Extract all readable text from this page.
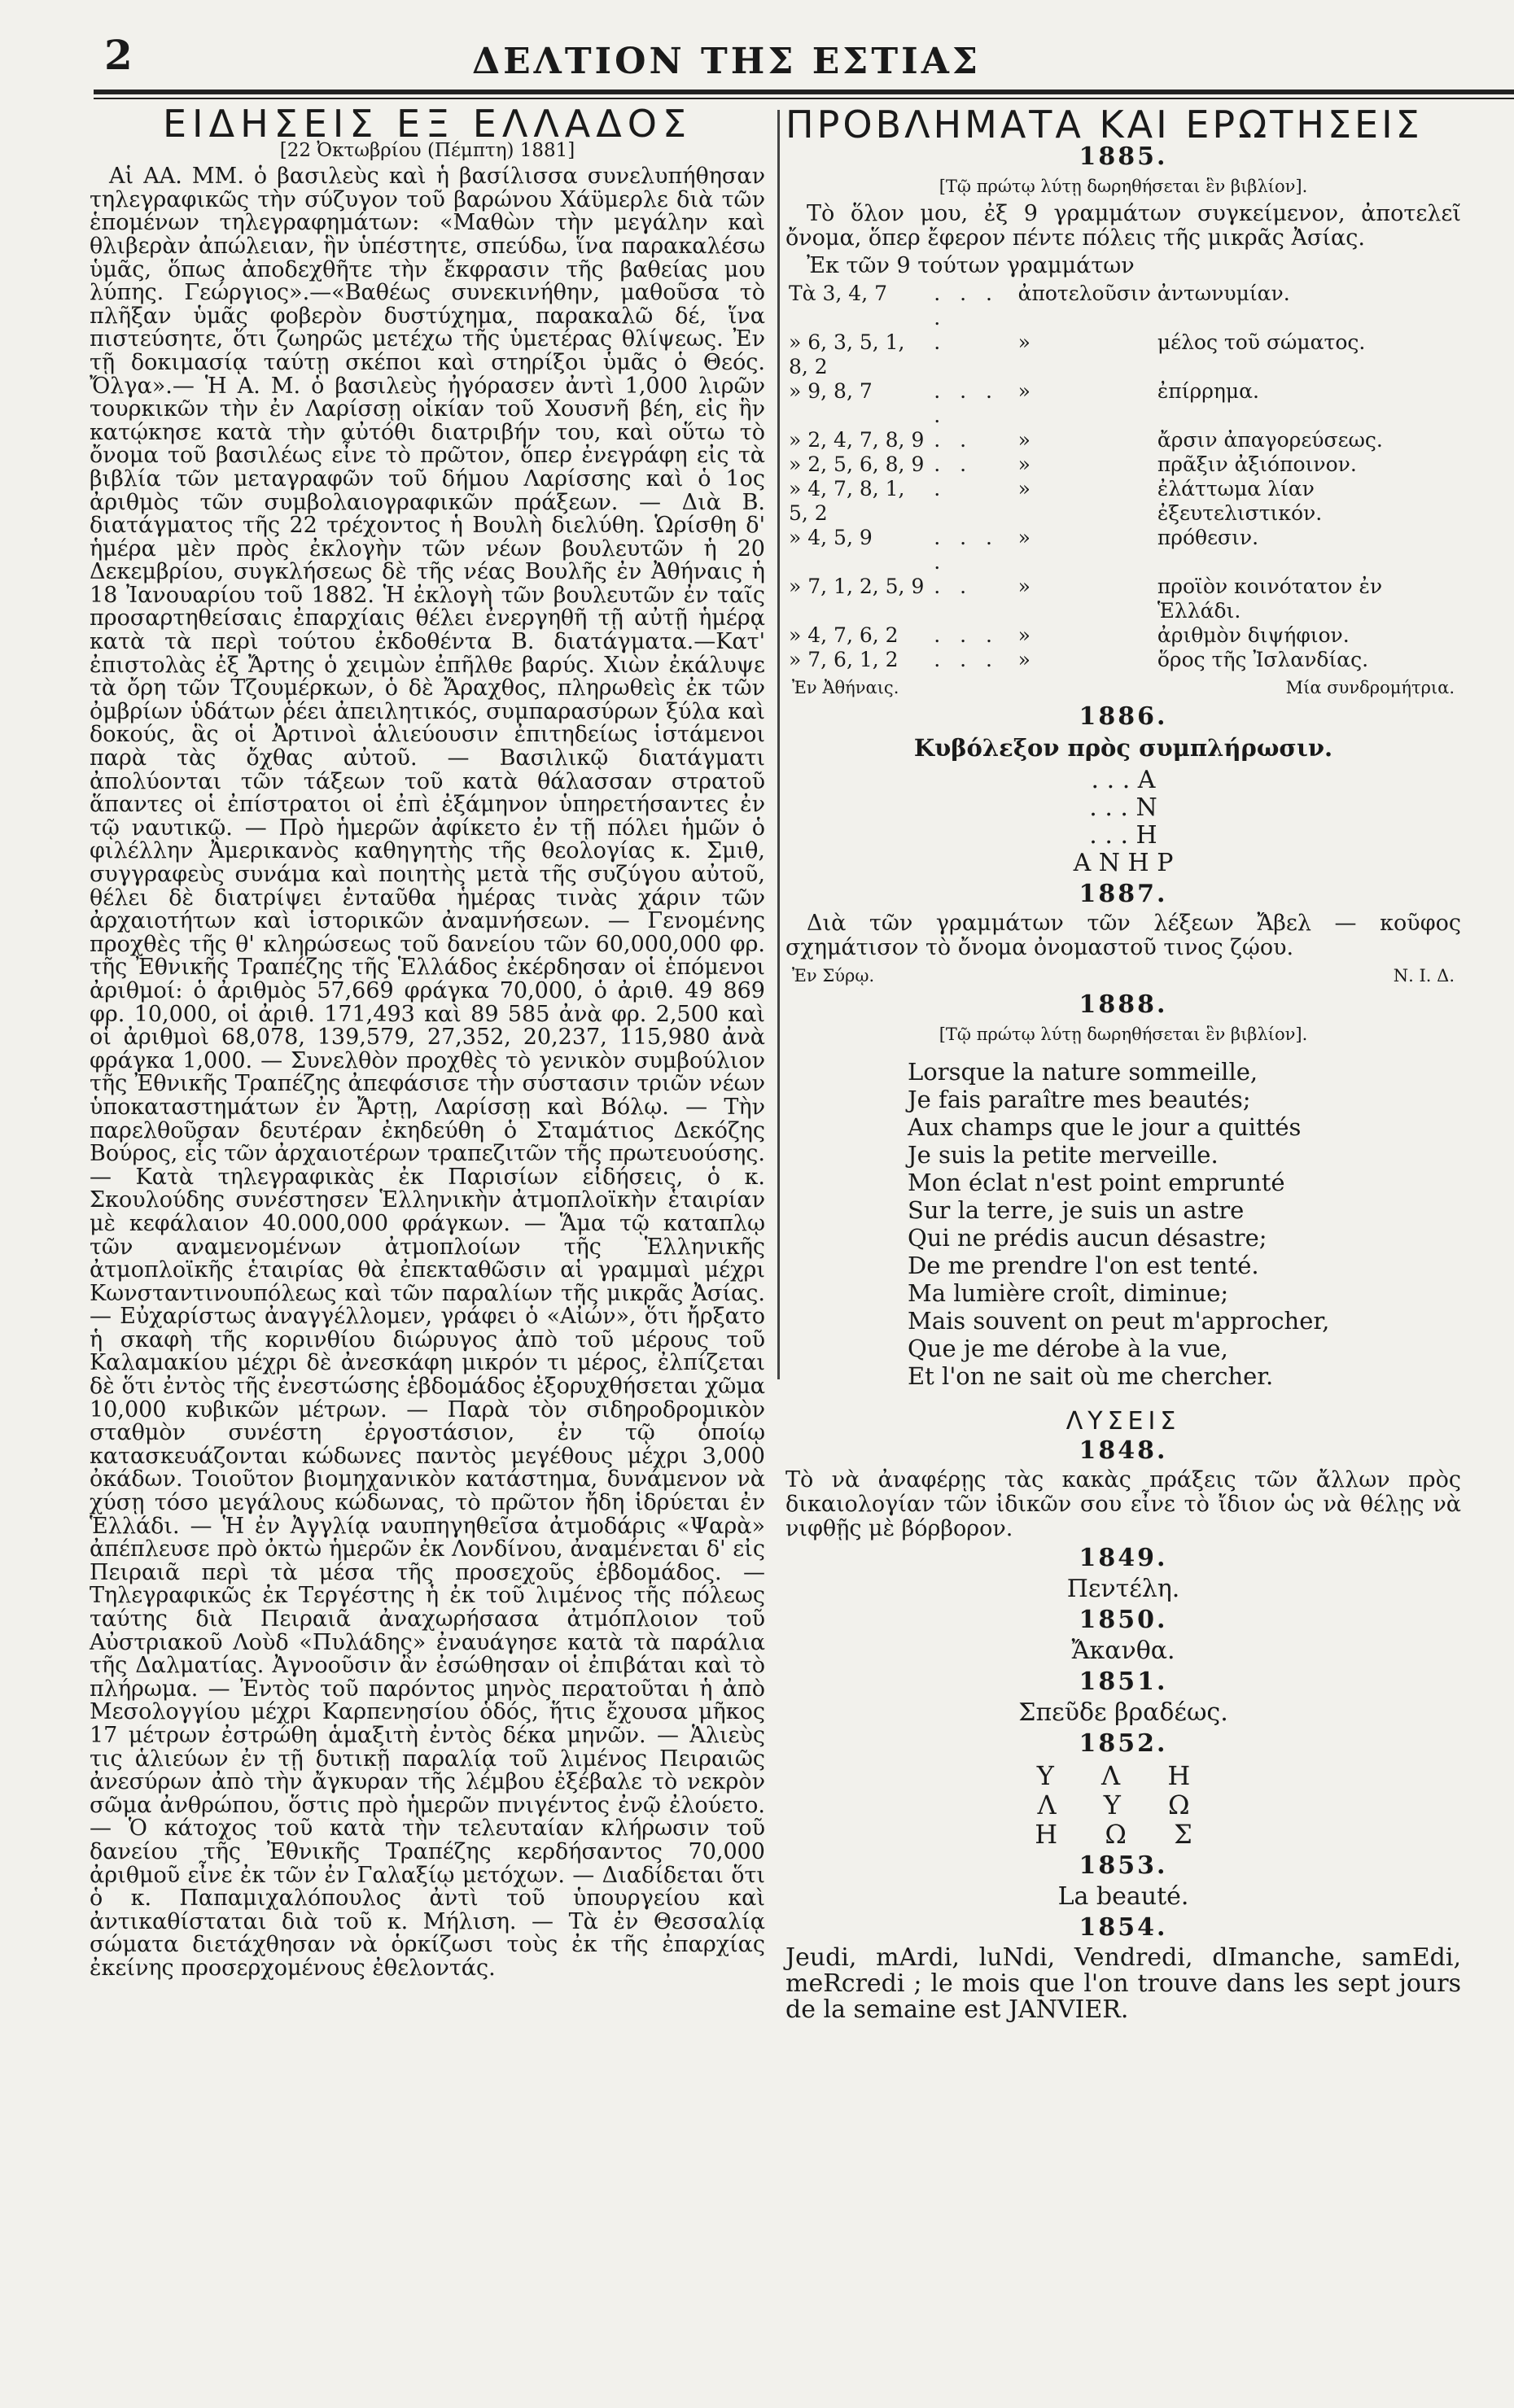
2	ΔΕΛΤΙΟΝ ΤΗΣ ΕΣΤΙΑΣ
ΕΙΔΗΣΕΙΣ ΕΞ ΕΛΛΑΔΟΣ
[22 Ὀκτωβρίου (Πέμπτη) 1881]

Αἱ ΑΑ. ΜΜ. ὁ βασιλεὺς καὶ ἡ βασίλισσα συνελυπήθησαν τηλεγραφικῶς τὴν σύζυγον τοῦ βαρώνου Χάϋμερλε διὰ τῶν ἑπομένων τηλεγραφημάτων: «Μαθὼν τὴν μεγάλην καὶ θλιβερὰν ἀπώλειαν, ἣν ὑπέστητε, σπεύδω, ἵνα παρακαλέσω ὑμᾶς, ὅπως ἀποδεχθῆτε τὴν ἔκφρασιν τῆς βαθείας μου λύπης. Γεώργιος».—«Βαθέως συνεκινήθην, μαθοῦσα τὸ πλῆξαν ὑμᾶς φοβερὸν δυστύχημα, παρακαλῶ δέ, ἵνα πιστεύσητε, ὅτι ζωηρῶς μετέχω τῆς ὑμετέρας θλίψεως. Ἐν τῇ δοκιμασίᾳ ταύτῃ σκέποι καὶ στηρίξοι ὑμᾶς ὁ Θεός. Ὄλγα».— Ἡ Α. Μ. ὁ βασιλεὺς ἠγόρασεν ἀντὶ 1,000 λιρῶν τουρκικῶν τὴν ἐν Λαρίσσῃ οἰκίαν τοῦ Χουσνῆ βέη, εἰς ἣν κατῴκησε κατὰ τὴν αὐτόθι διατριβήν του, καὶ οὕτω τὸ ὄνομα τοῦ βασιλέως εἶνε τὸ πρῶτον, ὅπερ ἐνεγράφη εἰς τὰ βιβλία τῶν μεταγραφῶν τοῦ δήμου Λαρίσσης καὶ ὁ 1ος ἀριθμὸς τῶν συμβολαιογραφικῶν πράξεων. — Διὰ Β. διατάγματος τῆς 22 τρέχοντος ἡ Βουλὴ διελύθη. Ὡρίσθη δ' ἡμέρα μὲν πρὸς ἐκλογὴν τῶν νέων βουλευτῶν ἡ 20 Δεκεμβρίου, συγκλήσεως δὲ τῆς νέας Βουλῆς ἐν Ἀθήναις ἡ 18 Ἰανουαρίου τοῦ 1882. Ἡ ἐκλογὴ τῶν βουλευτῶν ἐν ταῖς προσαρτηθείσαις ἐπαρχίαις θέλει ἐνεργηθῆ τῇ αὐτῇ ἡμέρᾳ κατὰ τὰ περὶ τούτου ἐκδοθέντα Β. διατάγματα.—Κατ' ἐπιστολὰς ἐξ Ἄρτης ὁ χειμὼν ἐπῆλθε βαρύς. Χιὼν ἐκάλυψε τὰ ὄρη τῶν Τζουμέρκων, ὁ δὲ Ἄραχθος, πληρωθεὶς ἐκ τῶν ὀμβρίων ὑδάτων ῥέει ἀπειλητικός, συμπαρασύρων ξύλα καὶ δοκούς, ἃς οἱ Ἀρτινοὶ ἁλιεύουσιν ἐπιτηδείως ἱστάμενοι παρὰ τὰς ὄχθας αὐτοῦ. — Βασιλικῷ διατάγματι ἀπολύονται τῶν τάξεων τοῦ κατὰ θάλασσαν στρατοῦ ἅπαντες οἱ ἐπίστρατοι οἱ ἐπὶ ἐξάμηνον ὑπηρετήσαντες ἐν τῷ ναυτικῷ. — Πρὸ ἡμερῶν ἀφίκετο ἐν τῇ πόλει ἡμῶν ὁ φιλέλλην Ἀμερικανὸς καθηγητὴς τῆς θεολογίας κ. Σμιθ, συγγραφεὺς συνάμα καὶ ποιητὴς μετὰ τῆς συζύγου αὐτοῦ, θέλει δὲ διατρίψει ἐνταῦθα ἡμέρας τινὰς χάριν τῶν ἀρχαιοτήτων καὶ ἱστορικῶν ἀναμνήσεων. — Γενομένης προχθὲς τῆς θ' κληρώσεως τοῦ δανείου τῶν 60,000,000 φρ. τῆς Ἐθνικῆς Τραπέζης τῆς Ἑλλάδος ἐκέρδησαν οἱ ἑπόμενοι ἀριθμοί: ὁ ἀριθμὸς 57,669 φράγκα 70,000, ὁ ἀριθ. 49 869 φρ. 10,000, οἱ ἀριθ. 171,493 καὶ 89 585 ἀνὰ φρ. 2,500 καὶ οἱ ἀριθμοὶ 68,078, 139,579, 27,352, 20,237, 115,980 ἀνὰ φράγκα 1,000. — Συνελθὸν προχθὲς τὸ γενικὸν συμβούλιον τῆς Ἐθνικῆς Τραπέζης ἀπεφάσισε τὴν σύστασιν τριῶν νέων ὑποκαταστημάτων ἐν Ἄρτῃ, Λαρίσσῃ καὶ Βόλῳ. — Τὴν παρελθοῦσαν δευτέραν ἐκηδεύθη ὁ Σταμάτιος Δεκόζης Βούρος, εἷς τῶν ἀρχαιοτέρων τραπεζιτῶν τῆς πρωτευούσης. — Κατὰ τηλεγραφικὰς ἐκ Παρισίων εἰδήσεις, ὁ κ. Σκουλούδης συνέστησεν Ἑλληνικὴν ἀτμοπλοϊκὴν ἑταιρίαν μὲ κεφάλαιον 40.000,000 φράγκων. — Ἅμα τῷ καταπλῳ τῶν αναμενομένων ἀτμοπλοίων τῆς Ἑλληνικῆς ἀτμοπλοϊκῆς ἑταιρίας θὰ ἐπεκταθῶσιν αἱ γραμμαὶ μέχρι Κωνσταντινουπόλεως καὶ τῶν παραλίων τῆς μικρᾶς Ἀσίας. — Εὐχαρίστως ἀναγγέλλομεν, γράφει ὁ «Αἰών», ὅτι ἤρξατο ἡ σκαφὴ τῆς κορινθίου διώρυγος ἀπὸ τοῦ μέρους τοῦ Καλαμακίου μέχρι δὲ ἀνεσκάφη μικρόν τι μέρος, ἐλπίζεται δὲ ὅτι ἐντὸς τῆς ἐνεστώσης ἑβδομάδος ἐξορυχθήσεται χῶμα 10,000 κυβικῶν μέτρων. — Παρὰ τὸν σιδηροδρομικὸν σταθμὸν συνέστη ἐργοστάσιον, ἐν τῷ ὁποίῳ κατασκευάζονται κώδωνες παντὸς μεγέθους μέχρι 3,000 ὀκάδων. Τοιοῦτον βιομηχανικὸν κατάστημα, δυνάμενον νὰ χύσῃ τόσο μεγάλους κώδωνας, τὸ πρῶτον ἤδη ἱδρύεται ἐν Ἑλλάδι. — Ἡ ἐν Ἀγγλίᾳ ναυπηγηθεῖσα ἀτμοδάρις «Ψαρὰ» ἀπέπλευσε πρὸ ὀκτὼ ἡμερῶν ἐκ Λονδίνου, ἀναμένεται δ' εἰς Πειραιᾶ περὶ τὰ μέσα τῆς προσεχοῦς ἑβδομάδος. — Τηλεγραφικῶς ἐκ Τεργέστης ἡ ἐκ τοῦ λιμένος τῆς πόλεως ταύτης διὰ Πειραιᾶ ἀναχωρήσασα ἀτμόπλοιον τοῦ Αὐστριακοῦ Λοὺδ «Πυλάδης» ἐναυάγησε κατὰ τὰ παράλια τῆς Δαλματίας. Ἀγνοοῦσιν ἂν ἐσώθησαν οἱ ἐπιβάται καὶ τὸ πλήρωμα. — Ἐντὸς τοῦ παρόντος μηνὸς περατοῦται ἡ ἀπὸ Μεσολογγίου μέχρι Καρπενησίου ὁδός, ἥτις ἔχουσα μῆκος 17 μέτρων ἐστρώθη ἁμαξιτὴ ἐντὸς δέκα μηνῶν. — Ἁλιεὺς τις ἁλιεύων ἐν τῇ δυτικῇ παραλίᾳ τοῦ λιμένος Πειραιῶς ἀνεσύρων ἀπὸ τὴν ἄγκυραν τῆς λέμβου ἐξέβαλε τὸ νεκρὸν σῶμα ἀνθρώπου, ὅστις πρὸ ἡμερῶν πνιγέντος ἐνῷ ἐλούετο. — Ὁ κάτοχος τοῦ κατὰ τὴν τελευταίαν κλήρωσιν τοῦ δανείου τῆς Ἐθνικῆς Τραπέζης κερδήσαντος 70,000 ἀριθμοῦ εἶνε ἐκ τῶν ἐν Γαλαξίῳ μετόχων. — Διαδίδεται ὅτι ὁ κ. Παπαμιχαλόπουλος ἀντὶ τοῦ ὑπουργείου καὶ ἀντικαθίσταται διὰ τοῦ κ. Μήλιση. — Τὰ ἐν Θεσσαλίᾳ σώματα διετάχθησαν νὰ ὁρκίζωσι τοὺς ἐκ τῆς ἐπαρχίας ἐκείνης προσερχομένους ἐθελοντάς.

ΠΡΟΒΛΗΜΑΤΑ ΚΑΙ ΕΡΩΤΗΣΕΙΣ
1885.
[Τῷ πρώτῳ λύτῃ δωρηθήσεται ἓν βιβλίον].
Τὸ ὅλον μου, ἐξ 9 γραμμάτων συγκείμενον, ἀποτελεῖ ὄνομα, ὅπερ ἔφερον πέντε πόλεις τῆς μικρᾶς Ἀσίας.
Ἐκ τῶν 9 τούτων γραμμάτων
Τὰ 3, 4, 7	. . . .	ἀποτελοῦσιν	ἀντωνυμίαν.
» 6, 3, 5, 1, 8, 2	.	»	μέλος τοῦ σώματος.
» 9, 8, 7	. . . .	»	ἐπίρρημα.
» 2, 4, 7, 8, 9	. .	»	ἄρσιν ἀπαγορεύσεως.
» 2, 5, 6, 8, 9	. .	»	πρᾶξιν ἀξιόποινον.
» 4, 7, 8, 1, 5, 2	.	»	ἐλάττωμα λίαν ἐξευτελιστικόν.
» 4, 5, 9	. . . .	»	πρόθεσιν.
» 7, 1, 2, 5, 9	. .	»	προϊὸν κοινότατον ἐν Ἑλλάδι.
» 4, 7, 6, 2	. . .	»	ἀριθμὸν διψήφιον.
» 7, 6, 1, 2	. . .	»	ὅρος τῆς Ἰσλανδίας.
Ἐν Ἀθήναις.	Μία συνδρομήτρια.
1886.
Κυβόλεξον πρὸς συμπλήρωσιν.
. . . Α
. . . Ν
. . . Η
Α Ν Η Ρ
1887.
Διὰ τῶν γραμμάτων τῶν λέξεων Ἄβελ — κοῦφος σχημάτισον τὸ ὄνομα ὀνομαστοῦ τινος ζῴου.
Ἐν Σύρῳ.	Ν. Ι. Δ.
1888.
[Τῷ πρώτῳ λύτῃ δωρηθήσεται ἓν βιβλίον].
Lorsque la nature sommeille,
Je fais paraître mes beautés;
Aux champs que le jour a quittés
Je suis la petite merveille.
Mon éclat n'est point emprunté
Sur la terre, je suis un astre
Qui ne prédis aucun désastre;
De me prendre l'on est tenté.
Ma lumière croît, diminue;
Mais souvent on peut m'approcher,
Que je me dérobe à la vue,
Et l'on ne sait où me chercher.
ΛΥΣΕΙΣ
1848.
Τὸ νὰ ἀναφέρῃς τὰς κακὰς πράξεις τῶν ἄλλων πρὸς δικαιολογίαν τῶν ἰδικῶν σου εἶνε τὸ ἴδιον ὡς νὰ θέλῃς νὰ νιφθῇς μὲ βόρβορον.
1849.
Πεντέλη.
1850.
Ἄκανθα.
1851.
Σπεῦδε βραδέως.
1852.
Υ Λ Η
Λ Υ Ω
Η Ω Σ
1853.
La beauté.
1854.
Jeudi, mArdi, luNdi, Vendredi, dImanche, samEdi, meRcredi ; le mois que l'on trouve dans les sept jours de la semaine est JANVIER.
